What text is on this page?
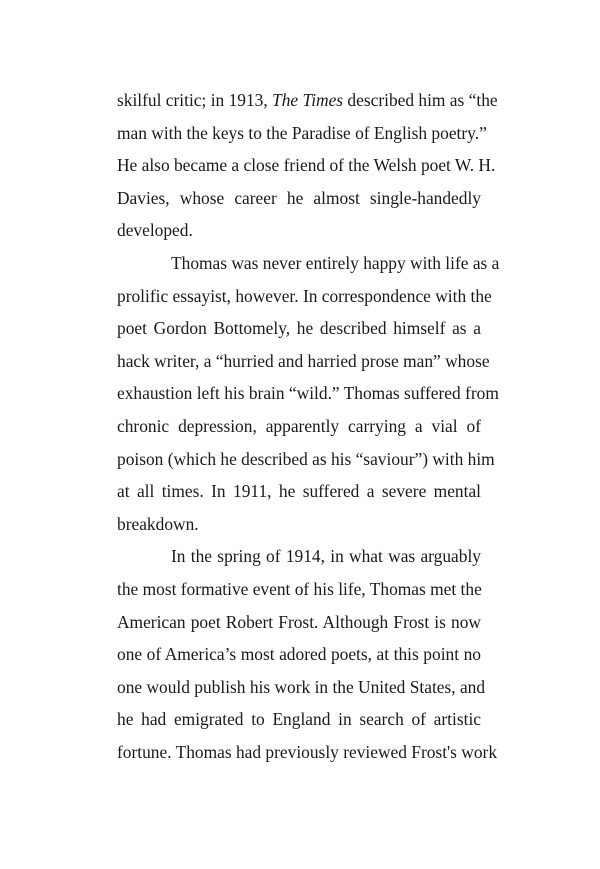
skilful critic; in 1913, The Times described him as “the
man with the keys to the Paradise of English poetry.”
He also became a close friend of the Welsh poet W. H.
Davies, whose career he almost single-handedly
developed.
Thomas was never entirely happy with life as a
prolific essayist, however. In correspondence with the
poet Gordon Bottomely, he described himself as a
hack writer, a “hurried and harried prose man” whose
exhaustion left his brain “wild.” Thomas suffered from
chronic depression, apparently carrying a vial of
poison (which he described as his “saviour”) with him
at all times. In 1911, he suffered a severe mental
breakdown.
In the spring of 1914, in what was arguably
the most formative event of his life, Thomas met the
American poet Robert Frost. Although Frost is now
one of America’s most adored poets, at this point no
one would publish his work in the United States, and
he had emigrated to England in search of artistic
fortune. Thomas had previously reviewed Frost's work
